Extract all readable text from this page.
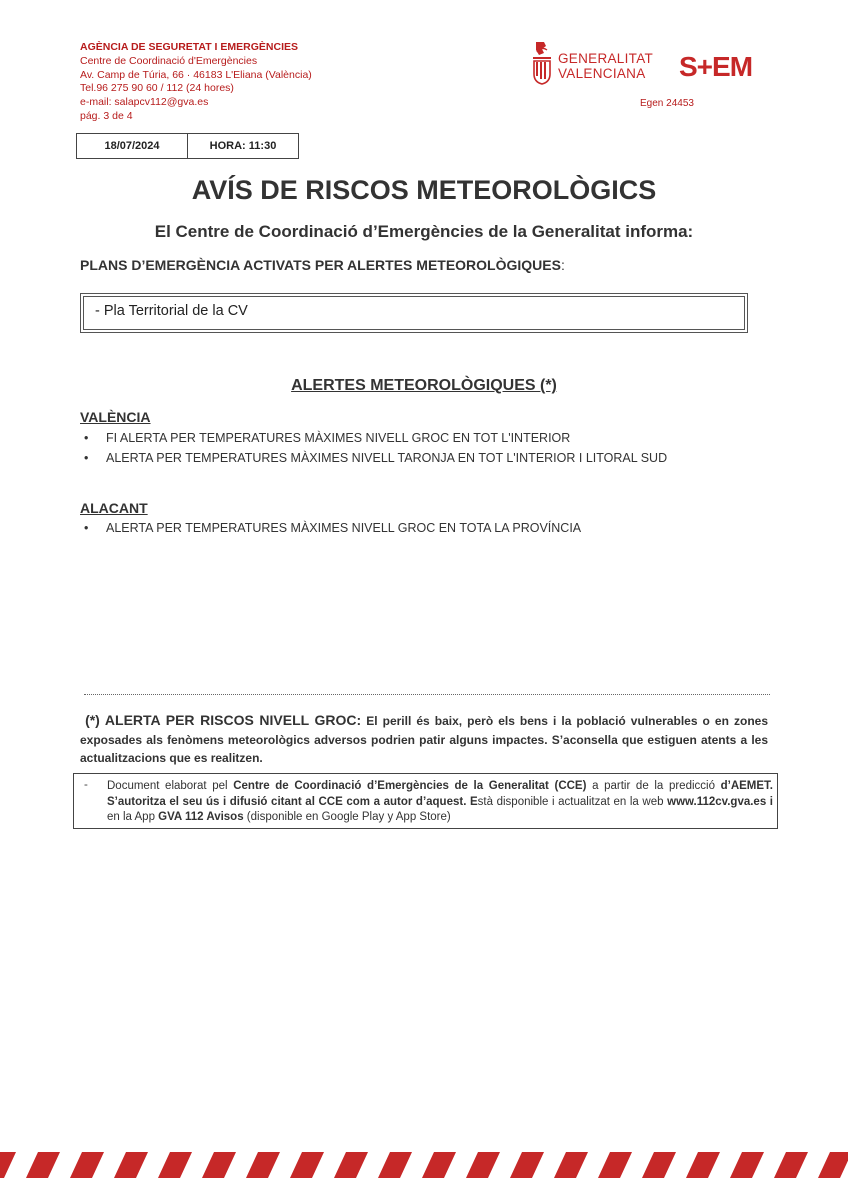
AGÈNCIA DE SEGURETAT I EMERGÈNCIES
Centre de Coordinació d'Emergències
Av. Camp de Túria, 66 · 46183 L'Eliana (València)
Tel.96 275 90 60 / 112 (24 hores)
e-mail: salapcv112@gva.es
pág. 3 de 4
GENERALITAT
VALENCIANA S+EM
Egen 24453
18/07/2024	HORA: 11:30
AVÍS DE RISCOS METEOROLÒGICS
El Centre de Coordinació d’Emergències de la Generalitat informa:
PLANS D’EMERGÈNCIA ACTIVATS PER ALERTES METEOROLÒGIQUES:
- Pla Territorial de la CV
ALERTES METEOROLÒGIQUES (*)
VALÈNCIA
• FI ALERTA PER TEMPERATURES MÀXIMES NIVELL GROC EN TOT L'INTERIOR
• ALERTA PER TEMPERATURES MÀXIMES NIVELL TARONJA EN TOT L'INTERIOR I LITORAL SUD
ALACANT
• ALERTA PER TEMPERATURES MÀXIMES NIVELL GROC EN TOTA LA PROVÍNCIA
(*) ALERTA PER RISCOS NIVELL GROC: El perill és baix, però els bens i la població vulnerables o en zones exposades als fenòmens meteorològics adversos podrien patir alguns impactes. S’aconsella que estiguen atents a les actualitzacions que es realitzen.
- Document elaborat pel Centre de Coordinació d’Emergències de la Generalitat (CCE) a partir de la predicció d’AEMET. S’autoritza el seu ús i difusió citant al CCE com a autor d’aquest. Està disponible i actualitzat en la web www.112cv.gva.es i en la App GVA 112 Avisos (disponible en Google Play y App Store)
